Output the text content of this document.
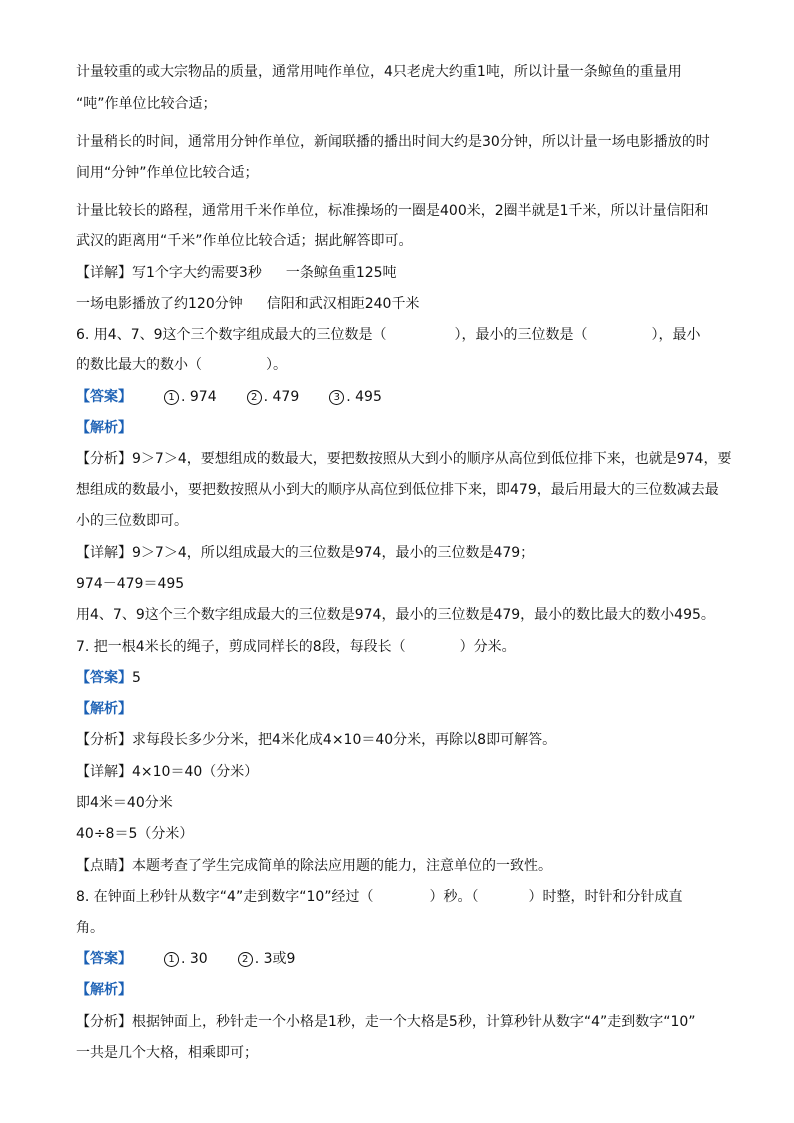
计量较重的或大宗物品的质量，通常用吨作单位，4只老虎大约重1吨，所以计量一条鲸鱼的重量用
“吨”作单位比较合适；
计量稍长的时间，通常用分钟作单位，新闻联播的播出时间大约是30分钟，所以计量一场电影播放的时
间用“分钟”作单位比较合适；
计量比较长的路程，通常用千米作单位，标准操场的一圈是400米，2圈半就是1千米，所以计量信阳和
武汉的距离用“千米”作单位比较合适；据此解答即可。
【详解】写1个字大约需要3秒 一条鲸鱼重125吨
一场电影播放了约120分钟 信阳和武汉相距240千米
6. 用4、7、9这个三个数字组成最大的三位数是（	），最小的三位数是（	），最小
的数比最大的数小（	）。
【答案】	1 . 974	2 . 479	3 . 495
【解析】
【分析】9＞7＞4，要想组成的数最大，要把数按照从大到小的顺序从高位到低位排下来，也就是974，要
想组成的数最小，要把数按照从小到大的顺序从高位到低位排下来，即479，最后用最大的三位数减去最
小的三位数即可。
【详解】9＞7＞4，所以组成最大的三位数是974，最小的三位数是479；
974－479＝495
用4、7、9这个三个数字组成最大的三位数是974，最小的三位数是479，最小的数比最大的数小495。
7. 把一根4米长的绳子，剪成同样长的8段，每段长（	）分米。
【答案】5
【解析】
【分析】求每段长多少分米，把4米化成4×10＝40分米，再除以8即可解答。
【详解】4×10＝40（分米）
即4米＝40分米
40÷8＝5（分米）
【点睛】本题考查了学生完成简单的除法应用题的能力，注意单位的一致性。
8. 在钟面上秒针从数字“4”走到数字“10”经过（	）秒。（	）时整，时针和分针成直
角。
【答案】	1 . 30	2 . 3或9
【解析】
【分析】根据钟面上，秒针走一个小格是1秒，走一个大格是5秒，计算秒针从数字“4”走到数字“10”
一共是几个大格，相乘即可；
